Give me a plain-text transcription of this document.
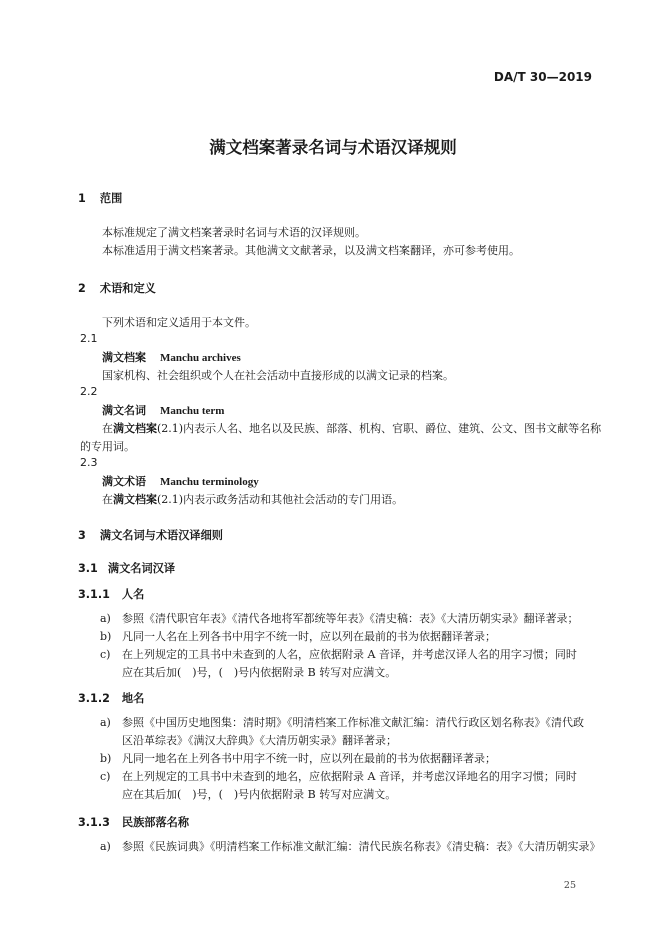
DA/T 30—2019
满文档案著录名词与术语汉译规则
1 范围
本标准规定了满文档案著录时名词与术语的汉译规则。
本标准适用于满文档案著录。其他满文文献著录，以及满文档案翻译，亦可参考使用。
2 术语和定义
下列术语和定义适用于本文件。
2.1
满文档案 Manchu archives
国家机构、社会组织或个人在社会活动中直接形成的以满文记录的档案。
2.2
满文名词 Manchu term
在满文档案(2.1)内表示人名、地名以及民族、部落、机构、官职、爵位、建筑、公文、图书文献等名称
的专用词。
2.3
满文术语 Manchu terminology
在满文档案(2.1)内表示政务活动和其他社会活动的专门用语。
3 满文名词与术语汉译细则
3.1 满文名词汉译
3.1.1 人名
a) 参照《清代职官年表》《清代各地将军都统等年表》《清史稿：表》《大清历朝实录》翻译著录；
b) 凡同一人名在上列各书中用字不统一时，应以列在最前的书为依据翻译著录；
c) 在上列规定的工具书中未查到的人名，应依据附录 A 音译，并考虑汉译人名的用字习惯；同时
应在其后加(　)号，(　)号内依据附录 B 转写对应满文。
3.1.2 地名
a) 参照《中国历史地图集：清时期》《明清档案工作标准文献汇编：清代行政区划名称表》《清代政
区沿革综表》《满汉大辞典》《大清历朝实录》翻译著录；
b) 凡同一地名在上列各书中用字不统一时，应以列在最前的书为依据翻译著录；
c) 在上列规定的工具书中未查到的地名，应依据附录 A 音译，并考虑汉译地名的用字习惯；同时
应在其后加(　)号，(　)号内依据附录 B 转写对应满文。
3.1.3 民族部落名称
a) 参照《民族词典》《明清档案工作标准文献汇编：清代民族名称表》《清史稿：表》《大清历朝实录》
25
